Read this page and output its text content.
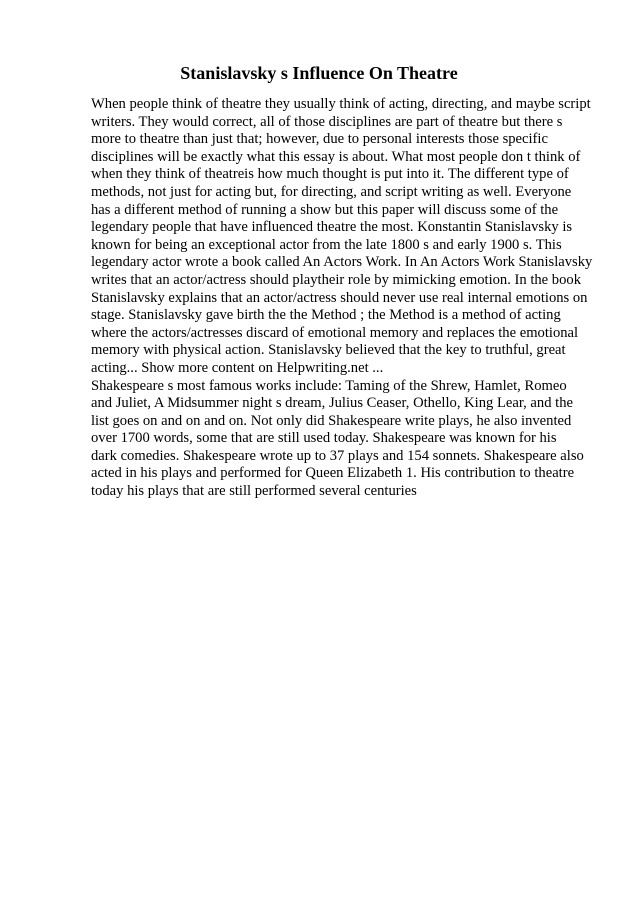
Stanislavsky s Influence On Theatre
When people think of theatre they usually think of acting, directing, and maybe script
writers. They would correct, all of those disciplines are part of theatre but there s
more to theatre than just that; however, due to personal interests those specific
disciplines will be exactly what this essay is about. What most people don t think of
when they think of theatreis how much thought is put into it. The different type of
methods, not just for acting but, for directing, and script writing as well. Everyone
has a different method of running a show but this paper will discuss some of the
legendary people that have influenced theatre the most. Konstantin Stanislavsky is
known for being an exceptional actor from the late 1800 s and early 1900 s. This
legendary actor wrote a book called An Actors Work. In An Actors Work Stanislavsky
writes that an actor/actress should playtheir role by mimicking emotion. In the book
Stanislavsky explains that an actor/actress should never use real internal emotions on
stage. Stanislavsky gave birth the the Method ; the Method is a method of acting
where the actors/actresses discard of emotional memory and replaces the emotional
memory with physical action. Stanislavsky believed that the key to truthful, great
acting... Show more content on Helpwriting.net ...
Shakespeare s most famous works include: Taming of the Shrew, Hamlet, Romeo
and Juliet, A Midsummer night s dream, Julius Ceaser, Othello, King Lear, and the
list goes on and on and on. Not only did Shakespeare write plays, he also invented
over 1700 words, some that are still used today. Shakespeare was known for his
dark comedies. Shakespeare wrote up to 37 plays and 154 sonnets. Shakespeare also
acted in his plays and performed for Queen Elizabeth 1. His contribution to theatre
today his plays that are still performed several centuries
